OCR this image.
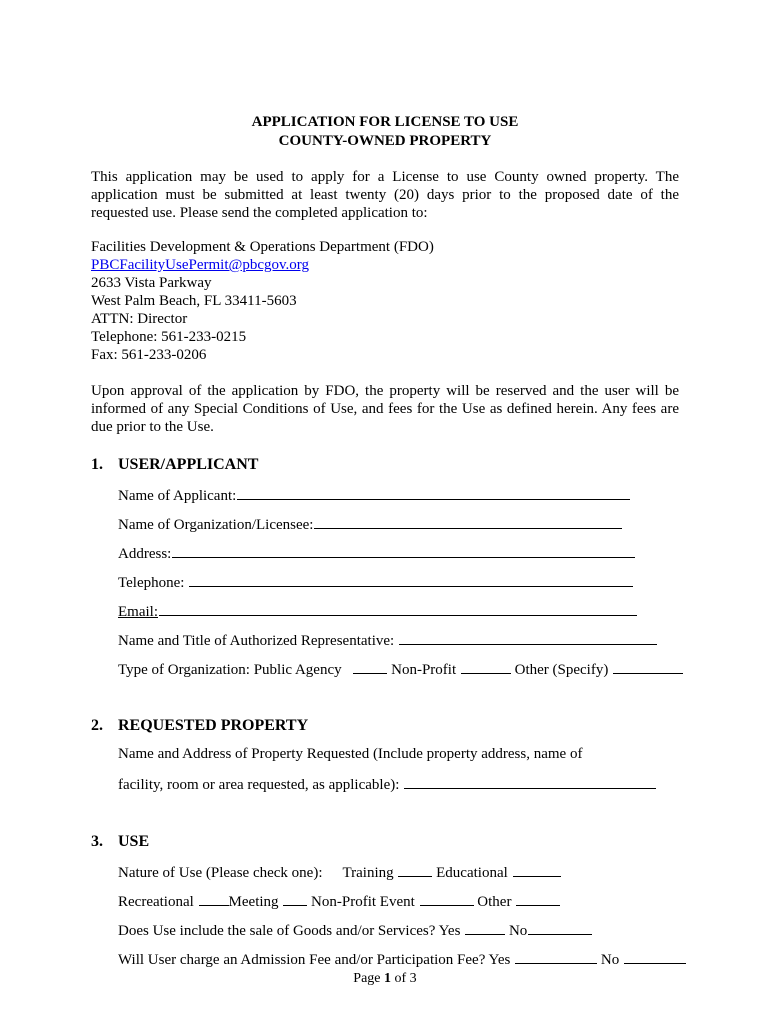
APPLICATION FOR LICENSE TO USE
COUNTY-OWNED PROPERTY
This application may be used to apply for a License to use County owned property. The application must be submitted at least twenty (20) days prior to the proposed date of the requested use. Please send the completed application to:
Facilities Development & Operations Department (FDO)
PBCFacilityUsePermit@pbcgov.org
2633 Vista Parkway
West Palm Beach, FL 33411-5603
ATTN: Director
Telephone: 561-233-0215
Fax: 561-233-0206
Upon approval of the application by FDO, the property will be reserved and the user will be informed of any Special Conditions of Use, and fees for the Use as defined herein. Any fees are due prior to the Use.
1. USER/APPLICANT
Name of Applicant:
Name of Organization/Licensee:
Address:
Telephone:
Email:
Name and Title of Authorized Representative:
Type of Organization: Public Agency	Non-Profit	Other (Specify)
2. REQUESTED PROPERTY
Name and Address of Property Requested (Include property address, name of
facility, room or area requested, as applicable):
3. USE
Nature of Use (Please check one): Training  Educational
Recreational Meeting  Non-Profit Event	Other
Does Use include the sale of Goods and/or Services? Yes	No
Will User charge an Admission Fee and/or Participation Fee? Yes	No
Page 1 of 3
